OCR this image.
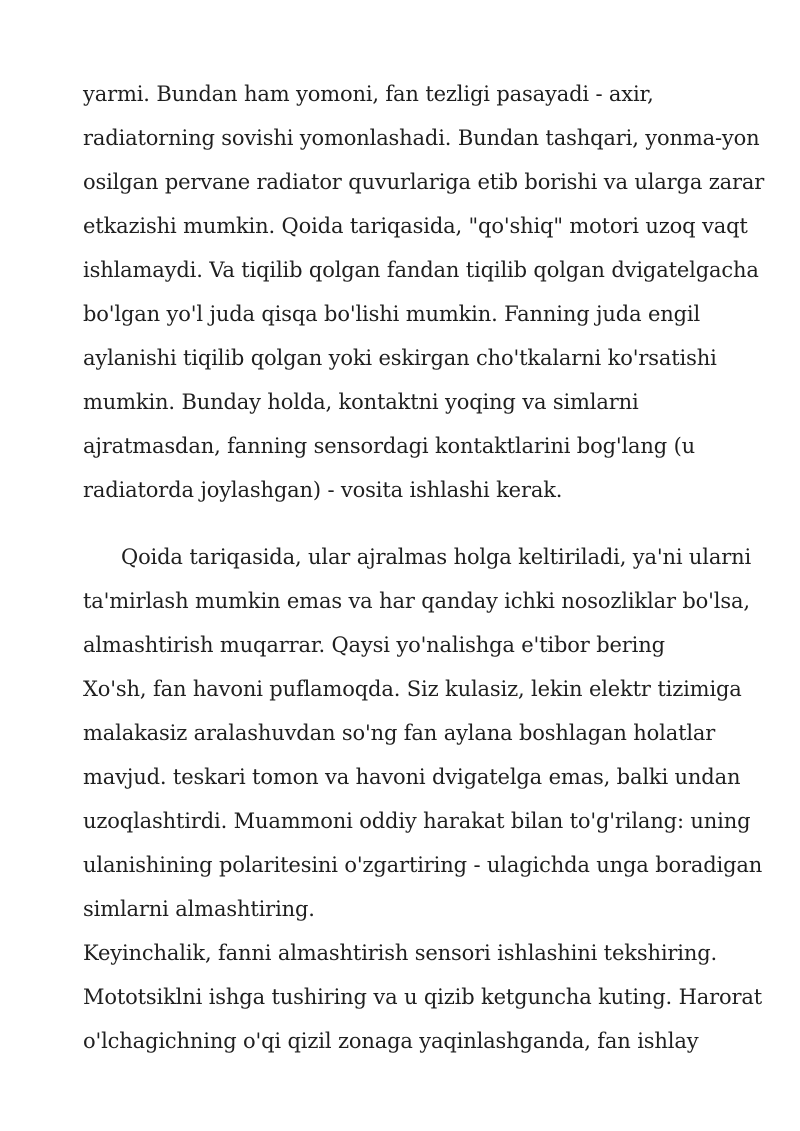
yarmi. Bundan ham yomoni, fan tezligi pasayadi - axir,
radiatorning sovishi yomonlashadi. Bundan tashqari, yonma-yon
osilgan pervane radiator quvurlariga etib borishi va ularga zarar
etkazishi mumkin. Qoida tariqasida, "qo'shiq" motori uzoq vaqt
ishlamaydi. Va tiqilib qolgan fandan tiqilib qolgan dvigatelgacha
bo'lgan yo'l juda qisqa bo'lishi mumkin. Fanning juda engil
aylanishi tiqilib qolgan yoki eskirgan cho'tkalarni ko'rsatishi
mumkin. Bunday holda, kontaktni yoqing va simlarni
ajratmasdan, fanning sensordagi kontaktlarini bog'lang (u
radiatorda joylashgan) - vosita ishlashi kerak.
Qoida tariqasida, ular ajralmas holga keltiriladi, ya'ni ularni
ta'mirlash mumkin emas va har qanday ichki nosozliklar bo'lsa,
almashtirish muqarrar. Qaysi yo'nalishga e'tibor bering
Xo'sh, fan havoni puflamoqda. Siz kulasiz, lekin elektr tizimiga
malakasiz aralashuvdan so'ng fan aylana boshlagan holatlar
mavjud. teskari tomon va havoni dvigatelga emas, balki undan
uzoqlashtirdi. Muammoni oddiy harakat bilan to'g'rilang: uning
ulanishining polaritesini o'zgartiring - ulagichda unga boradigan
simlarni almashtiring.
Keyinchalik, fanni almashtirish sensori ishlashini tekshiring.
Mototsiklni ishga tushiring va u qizib ketguncha kuting. Harorat
o'lchagichning o'qi qizil zonaga yaqinlashganda, fan ishlay
